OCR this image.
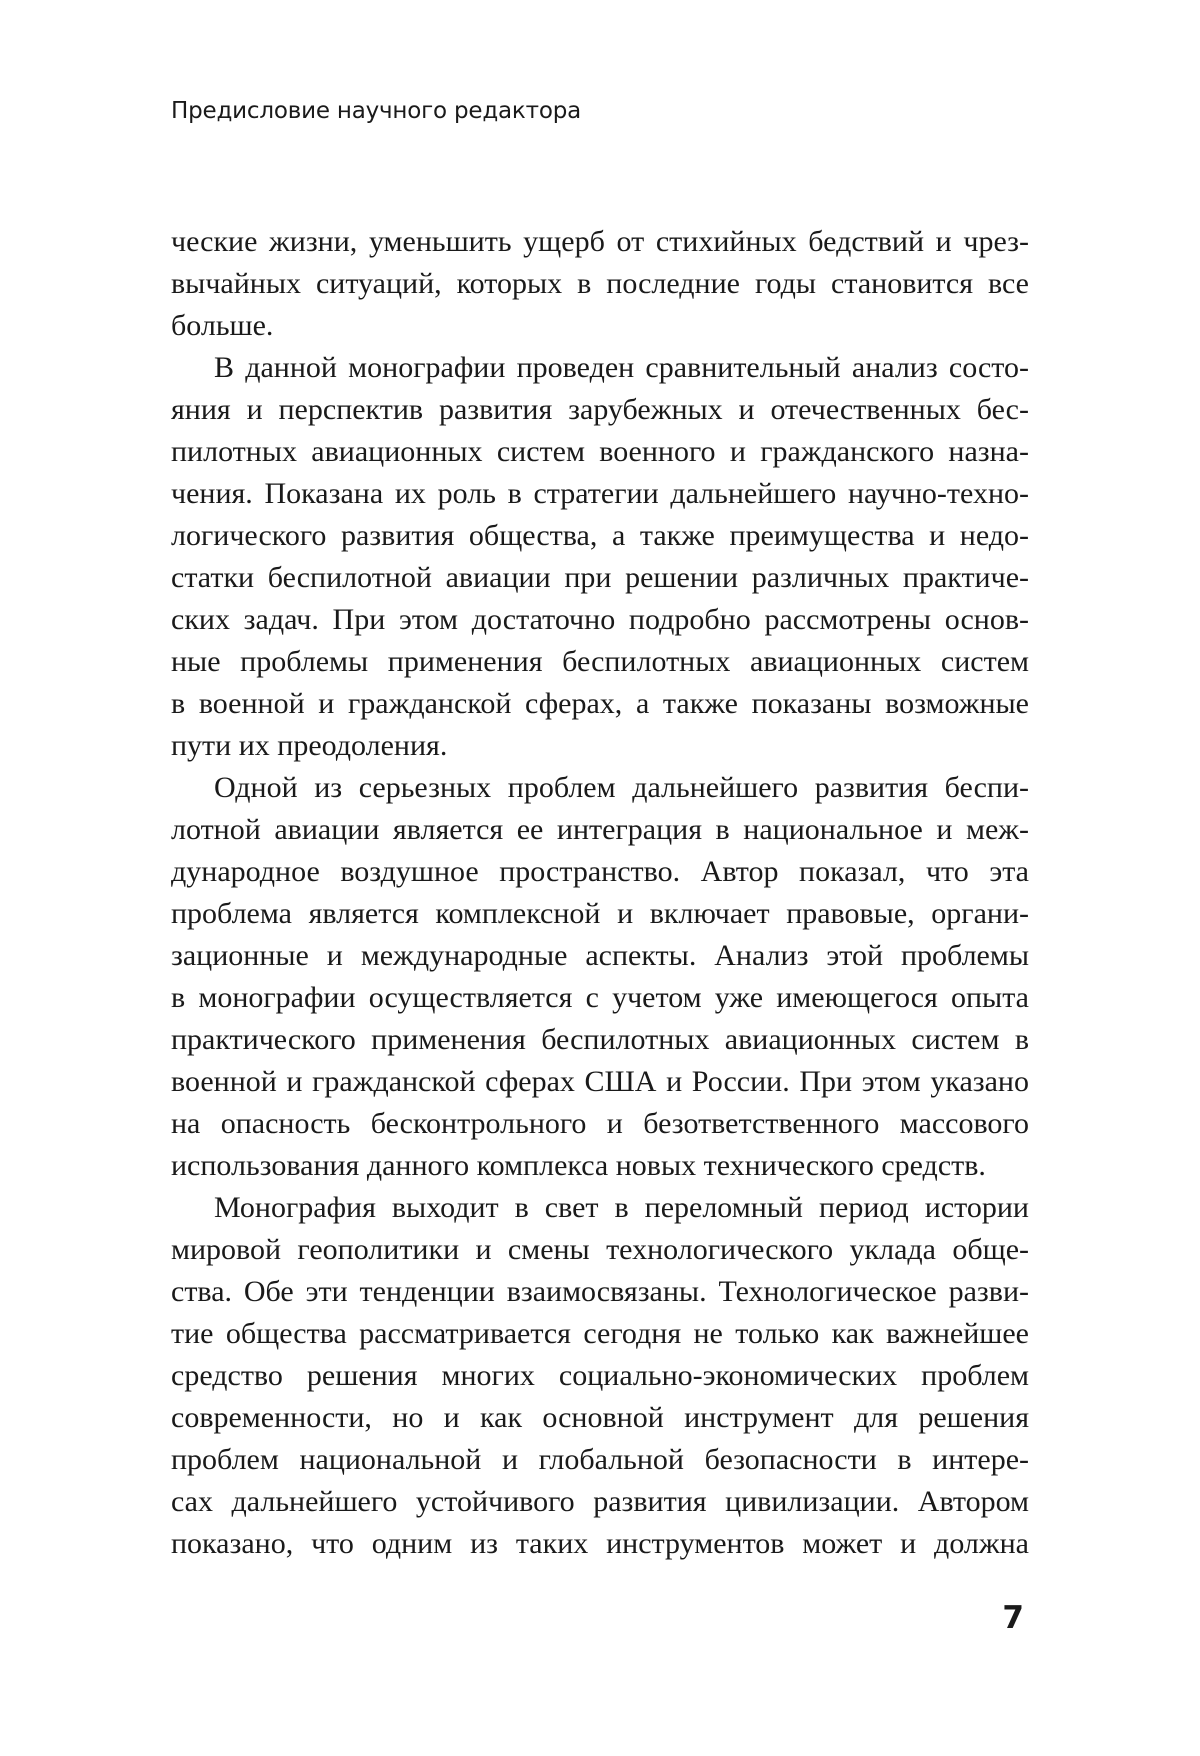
Предисловие научного редактора
ческие жизни, уменьшить ущерб от стихийных бедствий и чрез-
вычайных ситуаций, которых в последние годы становится все
больше.
В данной монографии проведен сравнительный анализ состо-
яния и перспектив развития зарубежных и отечественных бес-
пилотных авиационных систем военного и гражданского назна-
чения. Показана их роль в стратегии дальнейшего научно-техно-
логического развития общества, а также преимущества и недо-
статки беспилотной авиации при решении различных практиче-
ских задач. При этом достаточно подробно рассмотрены основ-
ные проблемы применения беспилотных авиационных систем
в военной и гражданской сферах, а также показаны возможные
пути их преодоления.
Одной из серьезных проблем дальнейшего развития беспи-
лотной авиации является ее интеграция в национальное и меж-
дународное воздушное пространство. Автор показал, что эта
проблема является комплексной и включает правовые, органи-
зационные и международные аспекты. Анализ этой проблемы
в монографии осуществляется с учетом уже имеющегося опыта
практического применения беспилотных авиационных систем в
военной и гражданской сферах США и России. При этом указано
на опасность бесконтрольного и безответственного массового
использования данного комплекса новых технического средств.
Монография выходит в свет в переломный период истории
мировой геополитики и смены технологического уклада обще-
ства. Обе эти тенденции взаимосвязаны. Технологическое разви-
тие общества рассматривается сегодня не только как важнейшее
средство решения многих социально-экономических проблем
современности, но и как основной инструмент для решения
проблем национальной и глобальной безопасности в интере-
сах дальнейшего устойчивого развития цивилизации. Автором
показано, что одним из таких инструментов может и должна
7
